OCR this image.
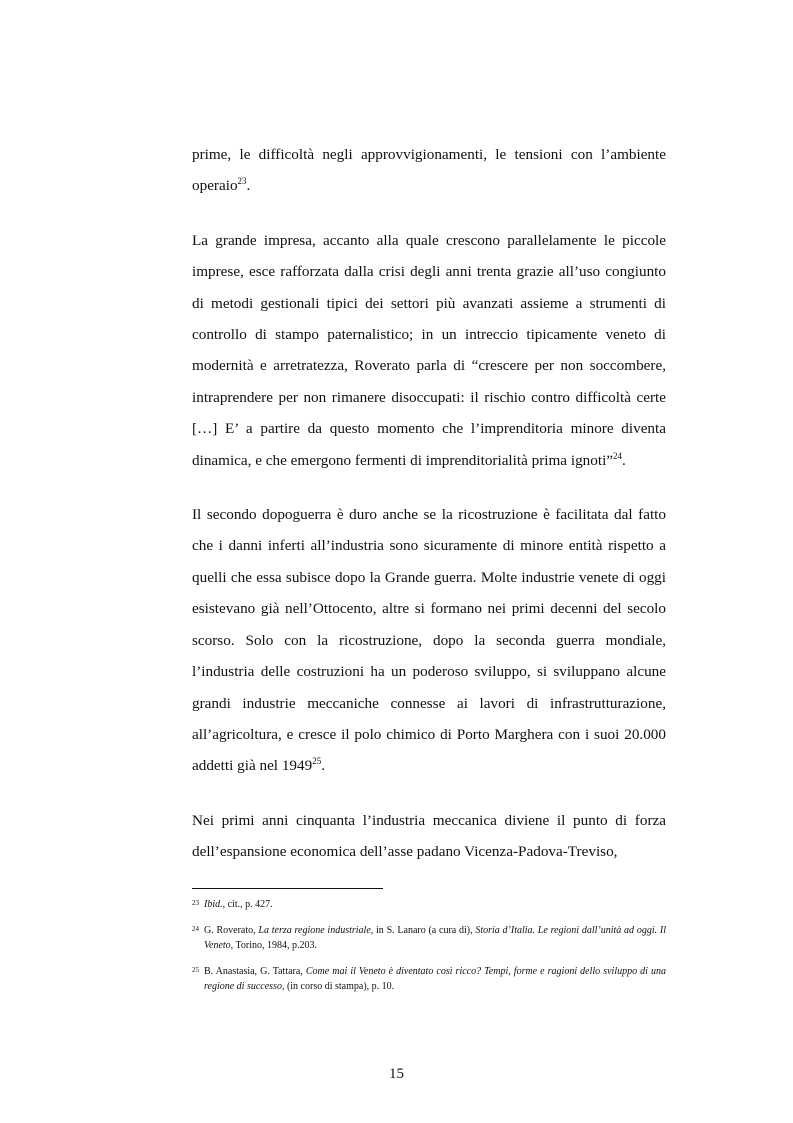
prime, le difficoltà negli approvvigionamenti, le tensioni con l’ambiente operaio$^{23}$.

La grande impresa, accanto alla quale crescono parallelamente le piccole imprese, esce rafforzata dalla crisi degli anni trenta grazie all’uso congiunto di metodi gestionali tipici dei settori più avanzati assieme a strumenti di controllo di stampo paternalistico; in un intreccio tipicamente veneto di modernità e arretratezza, Roverato parla di “crescere per non soccombere, intraprendere per non rimanere disoccupati: il rischio contro difficoltà certe […] E’ a partire da questo momento che l’imprenditoria minore diventa dinamica, e che emergono fermenti di imprenditorialità prima ignoti”$^{24}$.

Il secondo dopoguerra è duro anche se la ricostruzione è facilitata dal fatto che i danni inferti all’industria sono sicuramente di minore entità rispetto a quelli che essa subisce dopo la Grande guerra. Molte industrie venete di oggi esistevano già nell’Ottocento, altre si formano nei primi decenni del secolo scorso. Solo con la ricostruzione, dopo la seconda guerra mondiale, l’industria delle costruzioni ha un poderoso sviluppo, si sviluppano alcune grandi industrie meccaniche connesse ai lavori di infrastrutturazione, all’agricoltura, e cresce il polo chimico di Porto Marghera con i suoi 20.000 addetti già nel 1949$^{25}$.

Nei primi anni cinquanta l’industria meccanica diviene il punto di forza dell’espansione economica dell’asse padano Vicenza-Padova-Treviso,

23 Ibid., cit., p. 427.
24 G. Roverato, La terza regione industriale, in S. Lanaro (a cura di), Storia d’Italia. Le regioni dall’unità ad oggi. Il Veneto, Torino, 1984, p.203.
25 B. Anastasia, G. Tattara, Come mai il Veneto è diventato così ricco? Tempi, forme e ragioni dello sviluppo di una regione di successo, (in corso di stampa), p. 10.
15
